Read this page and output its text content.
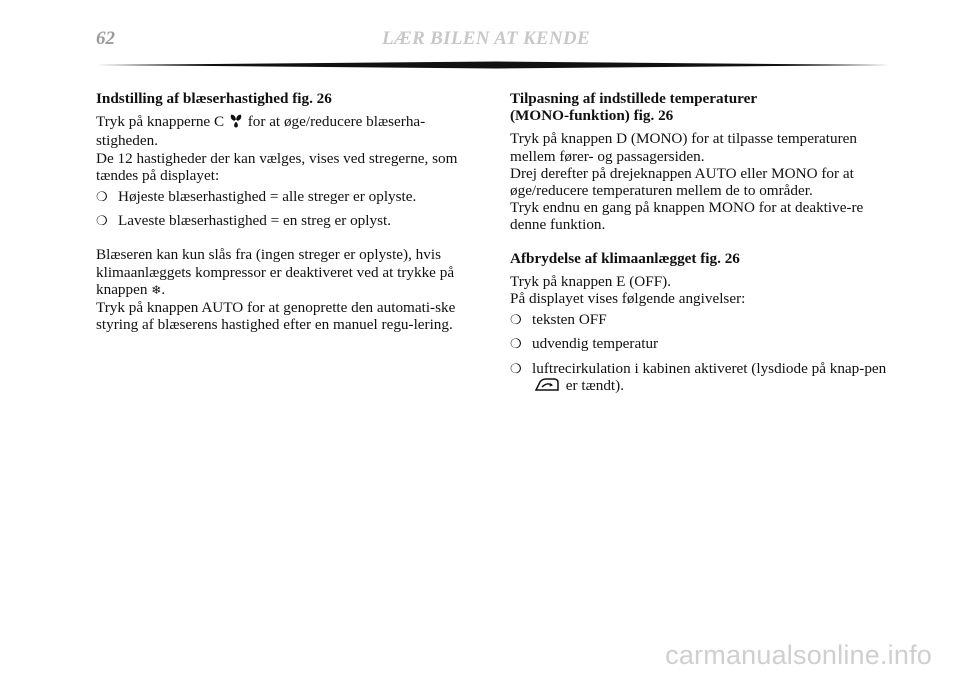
62	LÆR BILEN AT KENDE

Indstilling af blæserhastighed fig. 26

Tryk på knapperne C for at øge/reducere blæserha-stigheden.

De 12 hastigheder der kan vælges, vises ved stregerne, som tændes på displayet:

❍ Højeste blæserhastighed = alle streger er oplyste.
❍ Laveste blæserhastighed = en streg er oplyst.

Blæseren kan kun slås fra (ingen streger er oplyste), hvis klimaanlæggets kompressor er deaktiveret ved at trykke på knappen ❄.

Tryk på knappen AUTO for at genoprette den automati-ske styring af blæserens hastighed efter en manuel regu-lering.

Tilpasning af indstillede temperaturer
(MONO-funktion) fig. 26

Tryk på knappen D (MONO) for at tilpasse temperaturen mellem fører- og passagersiden.

Drej derefter på drejeknappen AUTO eller MONO for at øge/reducere temperaturen mellem de to områder.

Tryk endnu en gang på knappen MONO for at deaktive-re denne funktion.

Afbrydelse af klimaanlægget fig. 26

Tryk på knappen E (OFF).

På displayet vises følgende angivelser:

❍ teksten OFF
❍ udvendig temperatur
❍ luftrecirkulation i kabinen aktiveret (lysdiode på knap-pen  er tændt).
carmanualsonline.info
